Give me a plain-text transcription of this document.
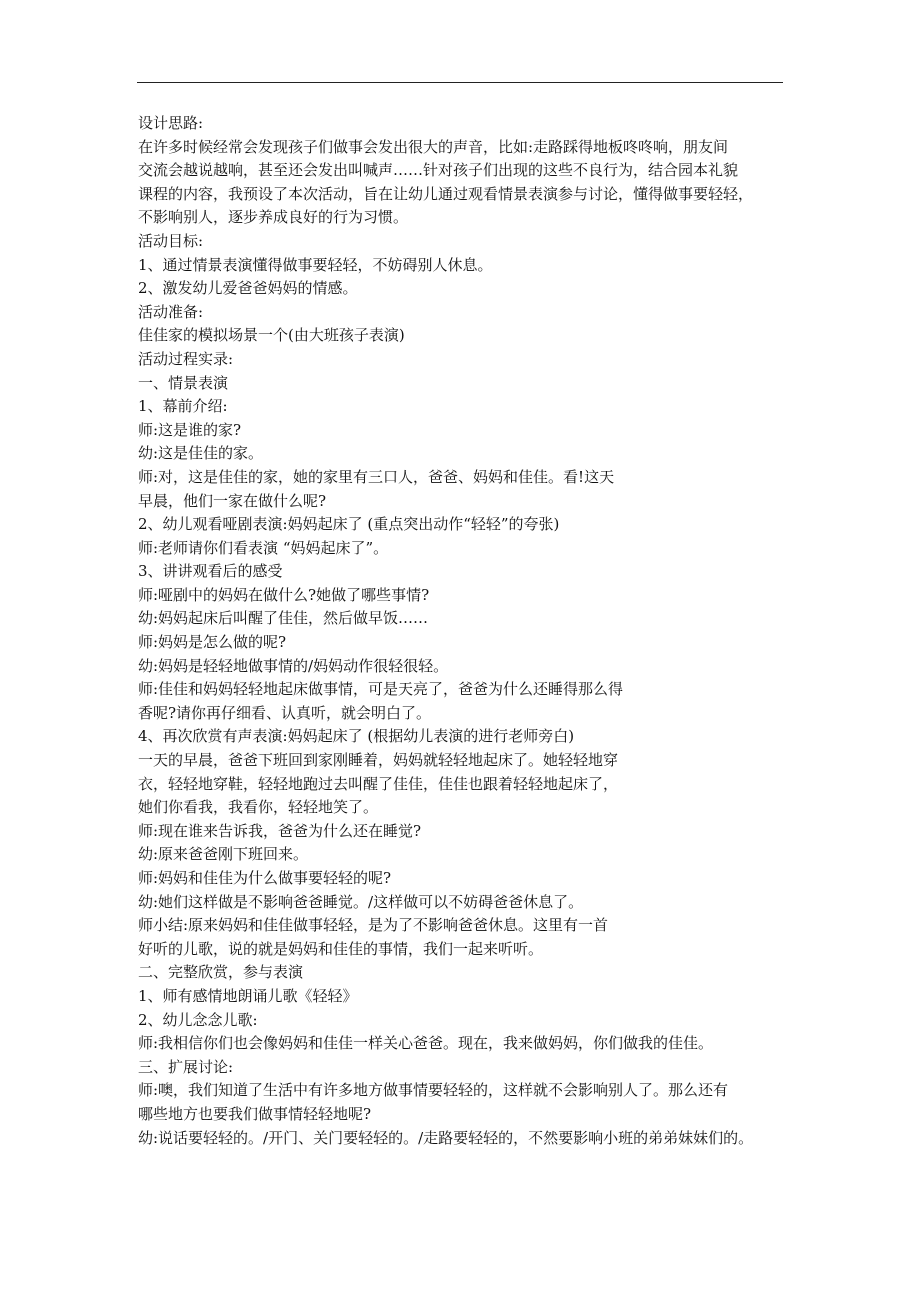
设计思路:
在许多时候经常会发现孩子们做事会发出很大的声音，比如:走路踩得地板咚咚响，朋友间
交流会越说越响，甚至还会发出叫喊声……针对孩子们出现的这些不良行为，结合园本礼貌
课程的内容，我预设了本次活动，旨在让幼儿通过观看情景表演参与讨论，懂得做事要轻轻，
不影响别人，逐步养成良好的行为习惯。
活动目标:
1、通过情景表演懂得做事要轻轻，不妨碍别人休息。
2、激发幼儿爱爸爸妈妈的情感。
活动准备:
佳佳家的模拟场景一个(由大班孩子表演)
活动过程实录:
一、情景表演
1、幕前介绍:
师:这是谁的家?
幼:这是佳佳的家。
师:对，这是佳佳的家，她的家里有三口人，爸爸、妈妈和佳佳。看!这天
早晨，他们一家在做什么呢?
2、幼儿观看哑剧表演:妈妈起床了 (重点突出动作“轻轻”的夸张)
师:老师请你们看表演 “妈妈起床了”。
3、讲讲观看后的感受
师:哑剧中的妈妈在做什么?她做了哪些事情?
幼:妈妈起床后叫醒了佳佳，然后做早饭……
师:妈妈是怎么做的呢?
幼:妈妈是轻轻地做事情的/妈妈动作很轻很轻。
师:佳佳和妈妈轻轻地起床做事情，可是天亮了，爸爸为什么还睡得那么得
香呢?请你再仔细看、认真听，就会明白了。
4、再次欣赏有声表演:妈妈起床了 (根据幼儿表演的进行老师旁白)
一天的早晨，爸爸下班回到家刚睡着，妈妈就轻轻地起床了。她轻轻地穿
衣，轻轻地穿鞋，轻轻地跑过去叫醒了佳佳，佳佳也跟着轻轻地起床了，
她们你看我，我看你，轻轻地笑了。
师:现在谁来告诉我，爸爸为什么还在睡觉?
幼:原来爸爸刚下班回来。
师:妈妈和佳佳为什么做事要轻轻的呢?
幼:她们这样做是不影响爸爸睡觉。/这样做可以不妨碍爸爸休息了。
师小结:原来妈妈和佳佳做事轻轻，是为了不影响爸爸休息。这里有一首
好听的儿歌，说的就是妈妈和佳佳的事情，我们一起来听听。
二、完整欣赏，参与表演
1、师有感情地朗诵儿歌《轻轻》
2、幼儿念念儿歌:
师:我相信你们也会像妈妈和佳佳一样关心爸爸。现在，我来做妈妈，你们做我的佳佳。
三、扩展讨论:
师:噢，我们知道了生活中有许多地方做事情要轻轻的，这样就不会影响别人了。那么还有
哪些地方也要我们做事情轻轻地呢?
幼:说话要轻轻的。/开门、关门要轻轻的。/走路要轻轻的，不然要影响小班的弟弟妹妹们的。
